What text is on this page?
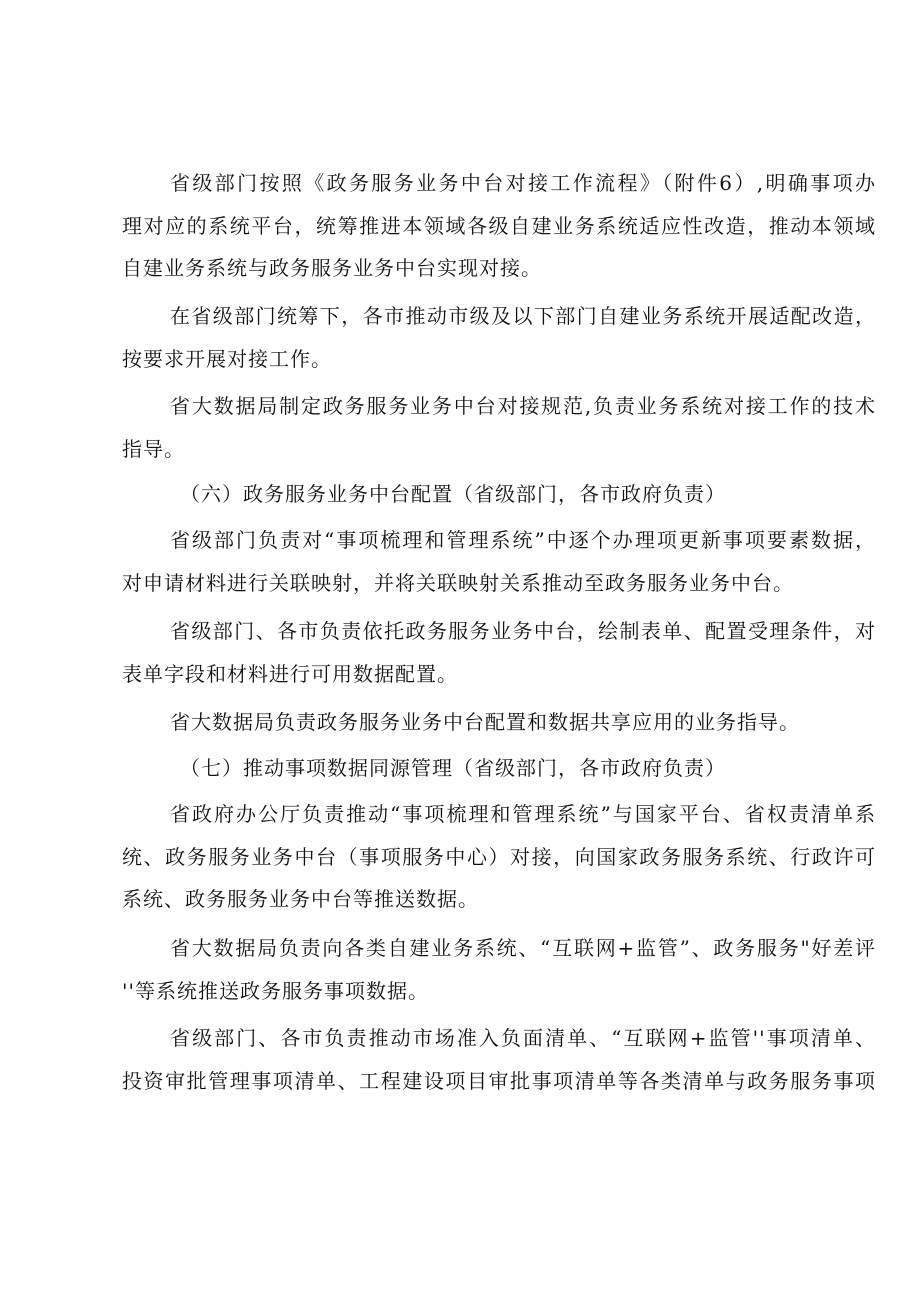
省级部门按照《政务服务业务中台对接工作流程》（附件6）,明确事项办
理对应的系统平台，统筹推进本领域各级自建业务系统适应性改造，推动本领域
自建业务系统与政务服务业务中台实现对接。
在省级部门统筹下，各市推动市级及以下部门自建业务系统开展适配改造，
按要求开展对接工作。
省大数据局制定政务服务业务中台对接规范,负责业务系统对接工作的技术
指导。
（六）政务服务业务中台配置（省级部门，各市政府负责）
省级部门负责对“事项梳理和管理系统”中逐个办理项更新事项要素数据，
对申请材料进行关联映射，并将关联映射关系推动至政务服务业务中台。
省级部门、各市负责依托政务服务业务中台，绘制表单、配置受理条件，对
表单字段和材料进行可用数据配置。
省大数据局负责政务服务业务中台配置和数据共享应用的业务指导。
（七）推动事项数据同源管理（省级部门，各市政府负责）
省政府办公厅负责推动“事项梳理和管理系统”与国家平台、省权责清单系
统、政务服务业务中台（事项服务中心）对接，向国家政务服务系统、行政许可
系统、政务服务业务中台等推送数据。
省大数据局负责向各类自建业务系统、“互联网+监管”、政务服务"好差评
''等系统推送政务服务事项数据。
省级部门、各市负责推动市场准入负面清单、“互联网+监管''事项清单、
投资审批管理事项清单、工程建设项目审批事项清单等各类清单与政务服务事项
